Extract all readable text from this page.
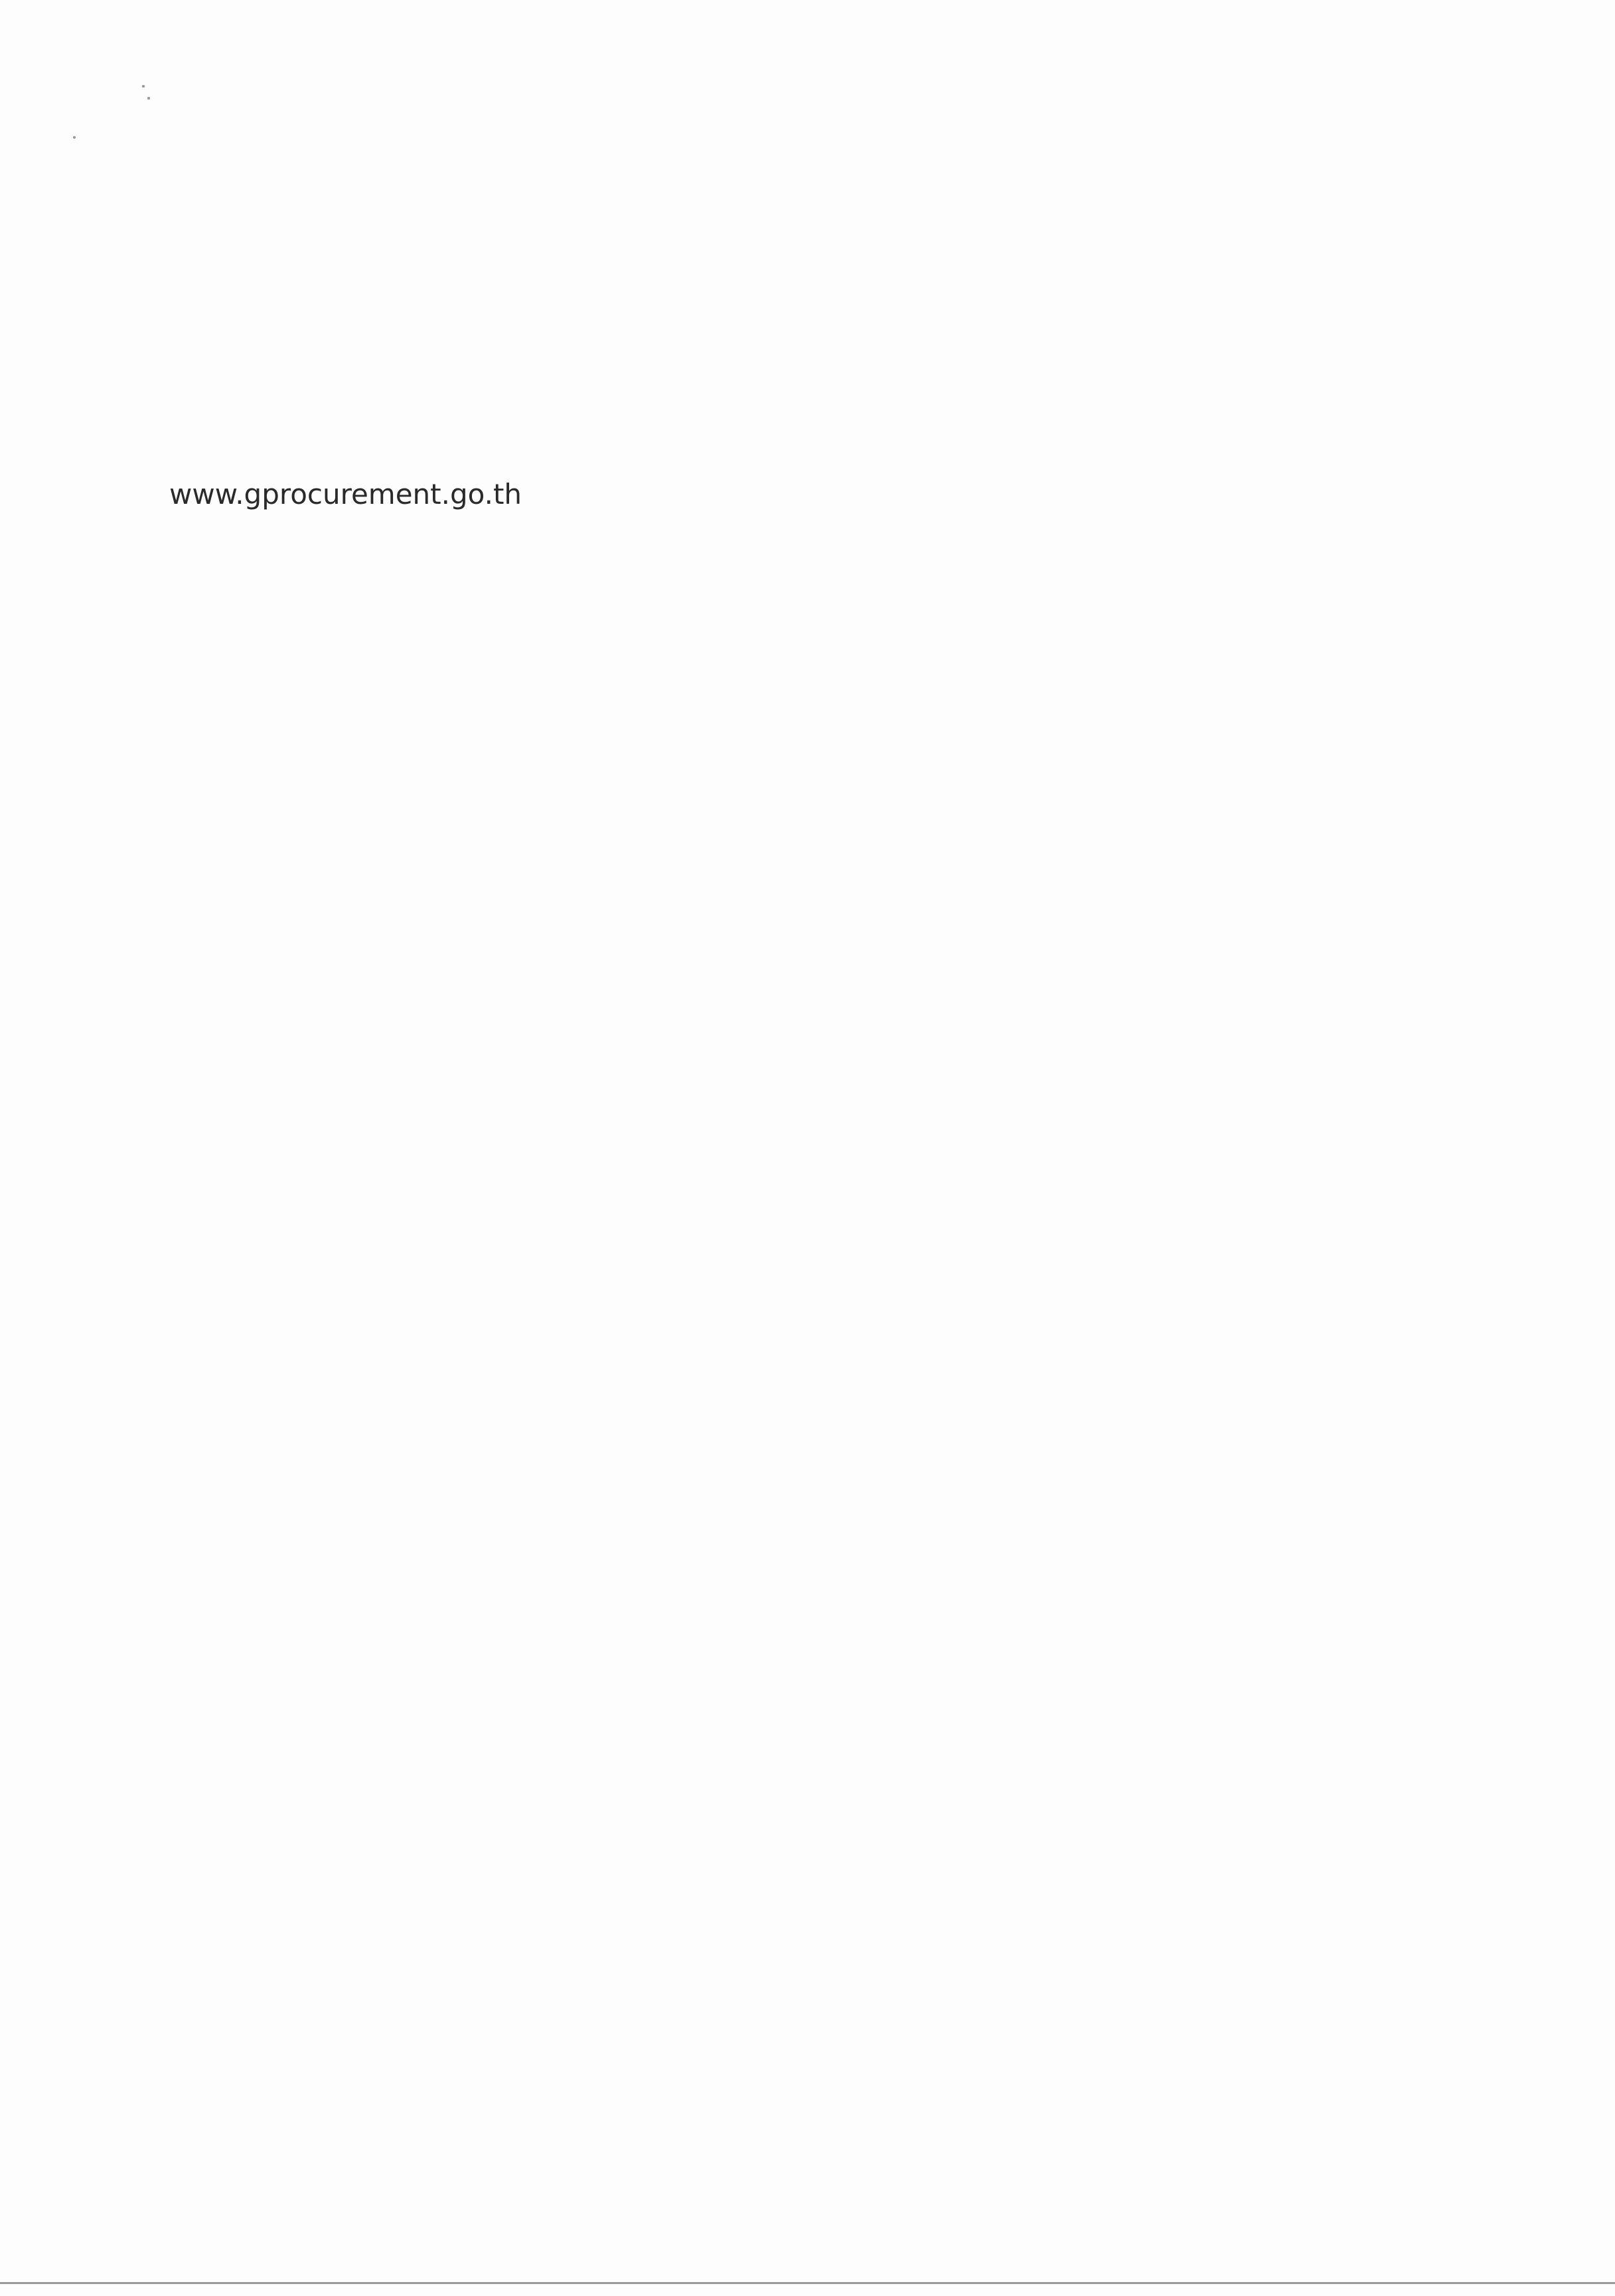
www.gprocurement.go.th
